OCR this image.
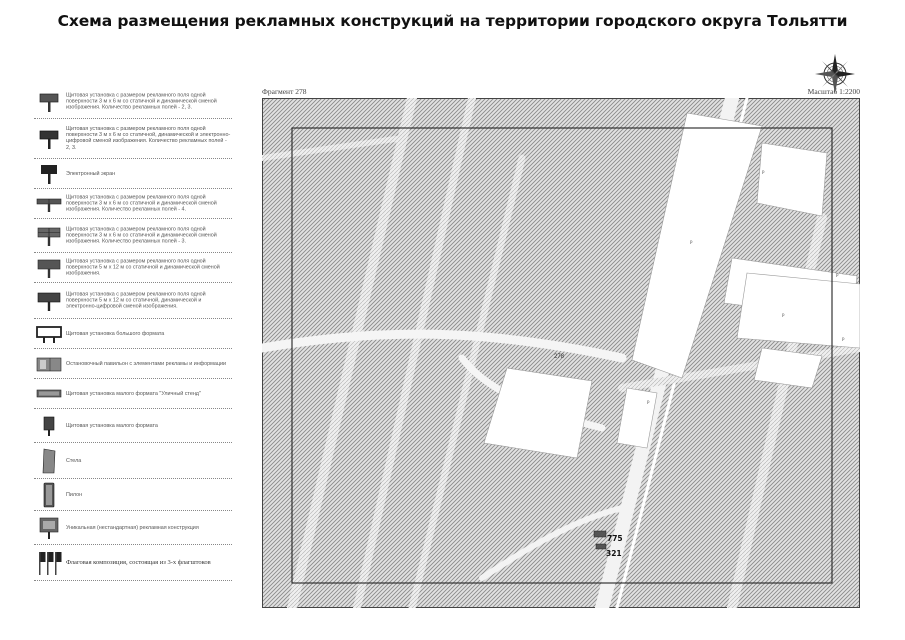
Схема размещения рекламных конструкций на территории городского округа Тольятти
Фрагмент 278	Масштаб 1:2200
Щитовая установка с размером рекламного поля одной поверхности 3 м х 6 м со статичной и динамической сменой изображения. Количество рекламных полей - 2, 3.
Щитовая установка с размером рекламного поля одной поверхности 3 м х 6 м со статичной, динамической и электронно-цифровой сменой изображения. Количество рекламных полей - 2, 3.
Электронный экран
Щитовая установка с размером рекламного поля одной поверхности 3 м х 6 м со статичной и динамической сменой изображения. Количество рекламных полей - 4.
Щитовая установка с размером рекламного поля одной поверхности 3 м х 6 м со статичной и динамической сменой изображения. Количество рекламных полей - 3.
Щитовая установка с размером рекламного поля одной поверхности 5 м х 12 м со статичной и динамической сменой изображения.
Щитовая установка с размером рекламного поля одной поверхности 5 м х 12 м со статичной, динамической и электронно-цифровой сменой изображения.
Щитовая установка большого формата
Остановочный павильон с элементами рекламы и информации
Щитовая установка малого формата "Уличный стенд"
Щитовая установка малого формата
Стела
Пилон
Уникальная (нестандартная) рекламная конструкция
Флаговая композиция, состоящая из 3-х флагштоков
р
р
р
р
р
р
278
775
321
